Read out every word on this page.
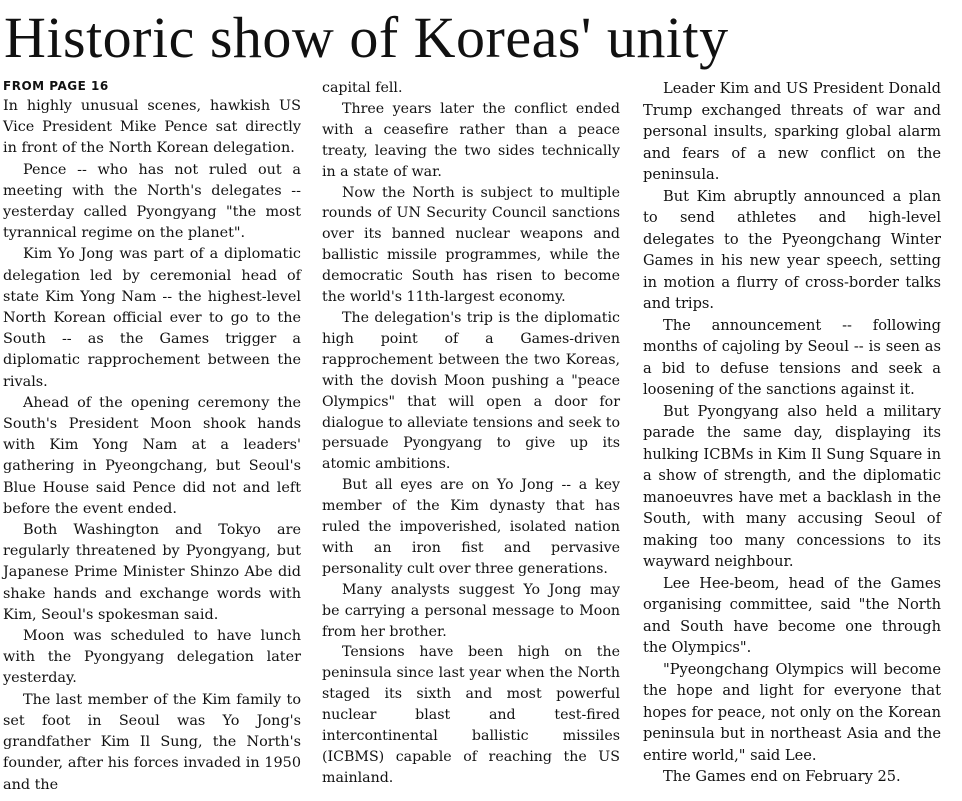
Historic show of Koreas' unity
FROM PAGE 16

In highly unusual scenes, hawkish US Vice President Mike Pence sat directly in front of the North Korean delegation.

Pence -- who has not ruled out a meeting with the North's delegates -- yesterday called Pyongyang "the most tyrannical regime on the planet".

Kim Yo Jong was part of a diplomatic delegation led by ceremonial head of state Kim Yong Nam -- the highest-level North Korean official ever to go to the South -- as the Games trigger a diplomatic rapprochement between the rivals.

Ahead of the opening ceremony the South's President Moon shook hands with Kim Yong Nam at a leaders' gathering in Pyeongchang, but Seoul's Blue House said Pence did not and left before the event ended.

Both Washington and Tokyo are regularly threatened by Pyongyang, but Japanese Prime Minister Shinzo Abe did shake hands and exchange words with Kim, Seoul's spokesman said.

Moon was scheduled to have lunch with the Pyongyang delegation later yesterday.

The last member of the Kim family to set foot in Seoul was Yo Jong's grandfather Kim Il Sung, the North's founder, after his forces invaded in 1950 and the

capital fell.

Three years later the conflict ended with a ceasefire rather than a peace treaty, leaving the two sides technically in a state of war.

Now the North is subject to multiple rounds of UN Security Council sanctions over its banned nuclear weapons and ballistic missile programmes, while the democratic South has risen to become the world's 11th-largest economy.

The delegation's trip is the diplomatic high point of a Games-driven rapprochement between the two Koreas, with the dovish Moon pushing a "peace Olympics" that will open a door for dialogue to alleviate tensions and seek to persuade Pyongyang to give up its atomic ambitions.

But all eyes are on Yo Jong -- a key member of the Kim dynasty that has ruled the impoverished, isolated nation with an iron fist and pervasive personality cult over three generations.

Many analysts suggest Yo Jong may be carrying a personal message to Moon from her brother.

Tensions have been high on the peninsula since last year when the North staged its sixth and most powerful nuclear blast and test-fired intercontinental ballistic missiles (ICBMS) capable of reaching the US mainland.

Leader Kim and US President Donald Trump exchanged threats of war and personal insults, sparking global alarm and fears of a new conflict on the peninsula.

But Kim abruptly announced a plan to send athletes and high-level delegates to the Pyeongchang Winter Games in his new year speech, setting in motion a flurry of cross-border talks and trips.

The announcement -- following months of cajoling by Seoul -- is seen as a bid to defuse tensions and seek a loosening of the sanctions against it.

But Pyongyang also held a military parade the same day, displaying its hulking ICBMs in Kim Il Sung Square in a show of strength, and the diplomatic manoeuvres have met a backlash in the South, with many accusing Seoul of making too many concessions to its wayward neighbour.

Lee Hee-beom, head of the Games organising committee, said "the North and South have become one through the Olympics".

"Pyeongchang Olympics will become the hope and light for everyone that hopes for peace, not only on the Korean peninsula but in northeast Asia and the entire world," said Lee.

The Games end on February 25.
